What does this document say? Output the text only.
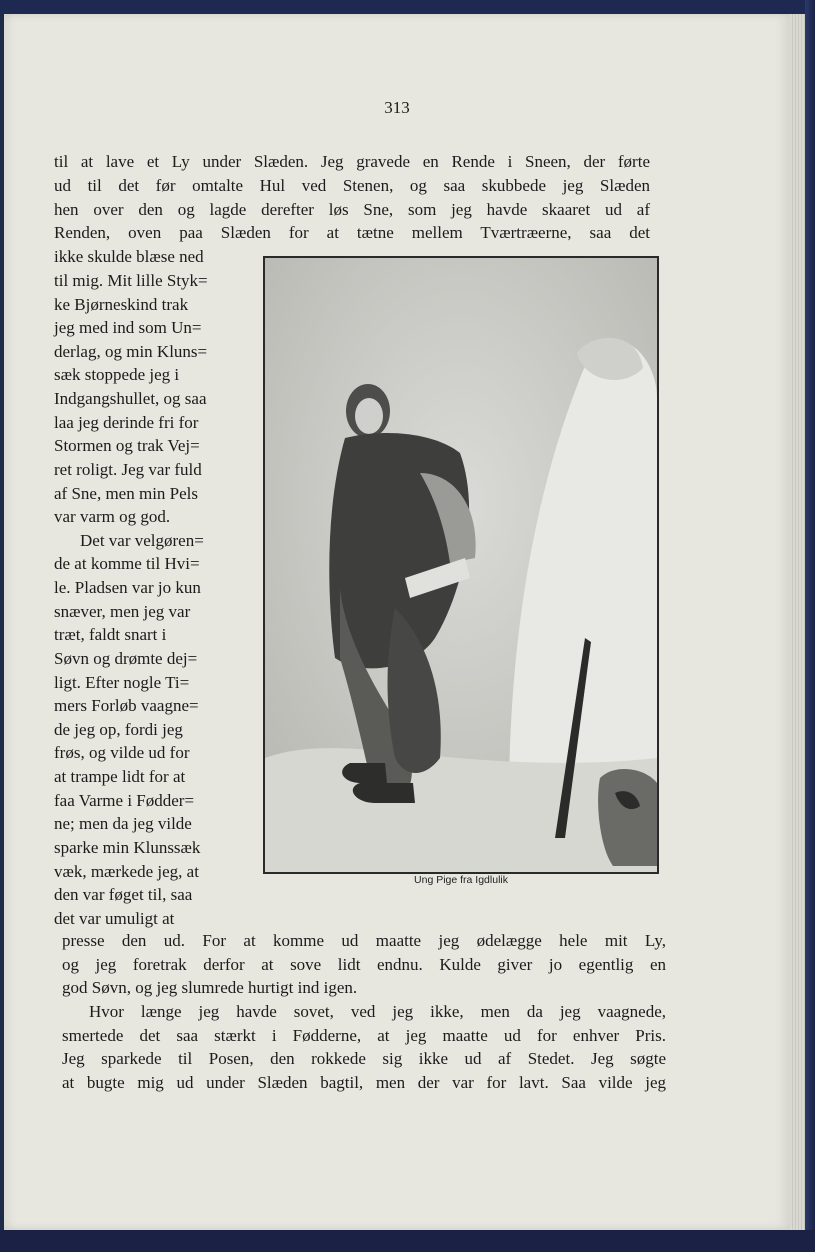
313
til at lave et Ly under Slæden. Jeg gravede en Rende i Sneen, der førte
ud til det før omtalte Hul ved Stenen, og saa skubbede jeg Slæden
hen over den og lagde derefter løs Sne, som jeg havde skaaret ud af
Renden, oven paa Slæden for at tætne mellem Tværtræerne, saa det
ikke skulde blæse ned
til mig. Mit lille Styk=
ke Bjørneskind trak
jeg med ind som Un=
derlag, og min Kluns=
sæk stoppede jeg i
Indgangshullet, og saa
laa jeg derinde fri for
Stormen og trak Vej=
ret roligt. Jeg var fuld
af Sne, men min Pels
var varm og god.
Det var velgøren=
de at komme til Hvi=
le. Pladsen var jo kun
snæver, men jeg var
træt, faldt snart i
Søvn og drømte dej=
ligt. Efter nogle Ti=
mers Forløb vaagne=
de jeg op, fordi jeg
frøs, og vilde ud for
at trampe lidt for at
faa Varme i Fødder=
ne; men da jeg vilde
sparke min Klunssæk
væk, mærkede jeg, at
den var føget til, saa
det var umuligt at
Ung Pige fra Igdlulik
presse den ud. For at komme ud maatte jeg ødelægge hele mit Ly,
og jeg foretrak derfor at sove lidt endnu. Kulde giver jo egentlig en
god Søvn, og jeg slumrede hurtigt ind igen.
Hvor længe jeg havde sovet, ved jeg ikke, men da jeg vaagnede,
smertede det saa stærkt i Fødderne, at jeg maatte ud for enhver Pris.
Jeg sparkede til Posen, den rokkede sig ikke ud af Stedet. Jeg søgte
at bugte mig ud under Slæden bagtil, men der var for lavt. Saa vilde jeg
